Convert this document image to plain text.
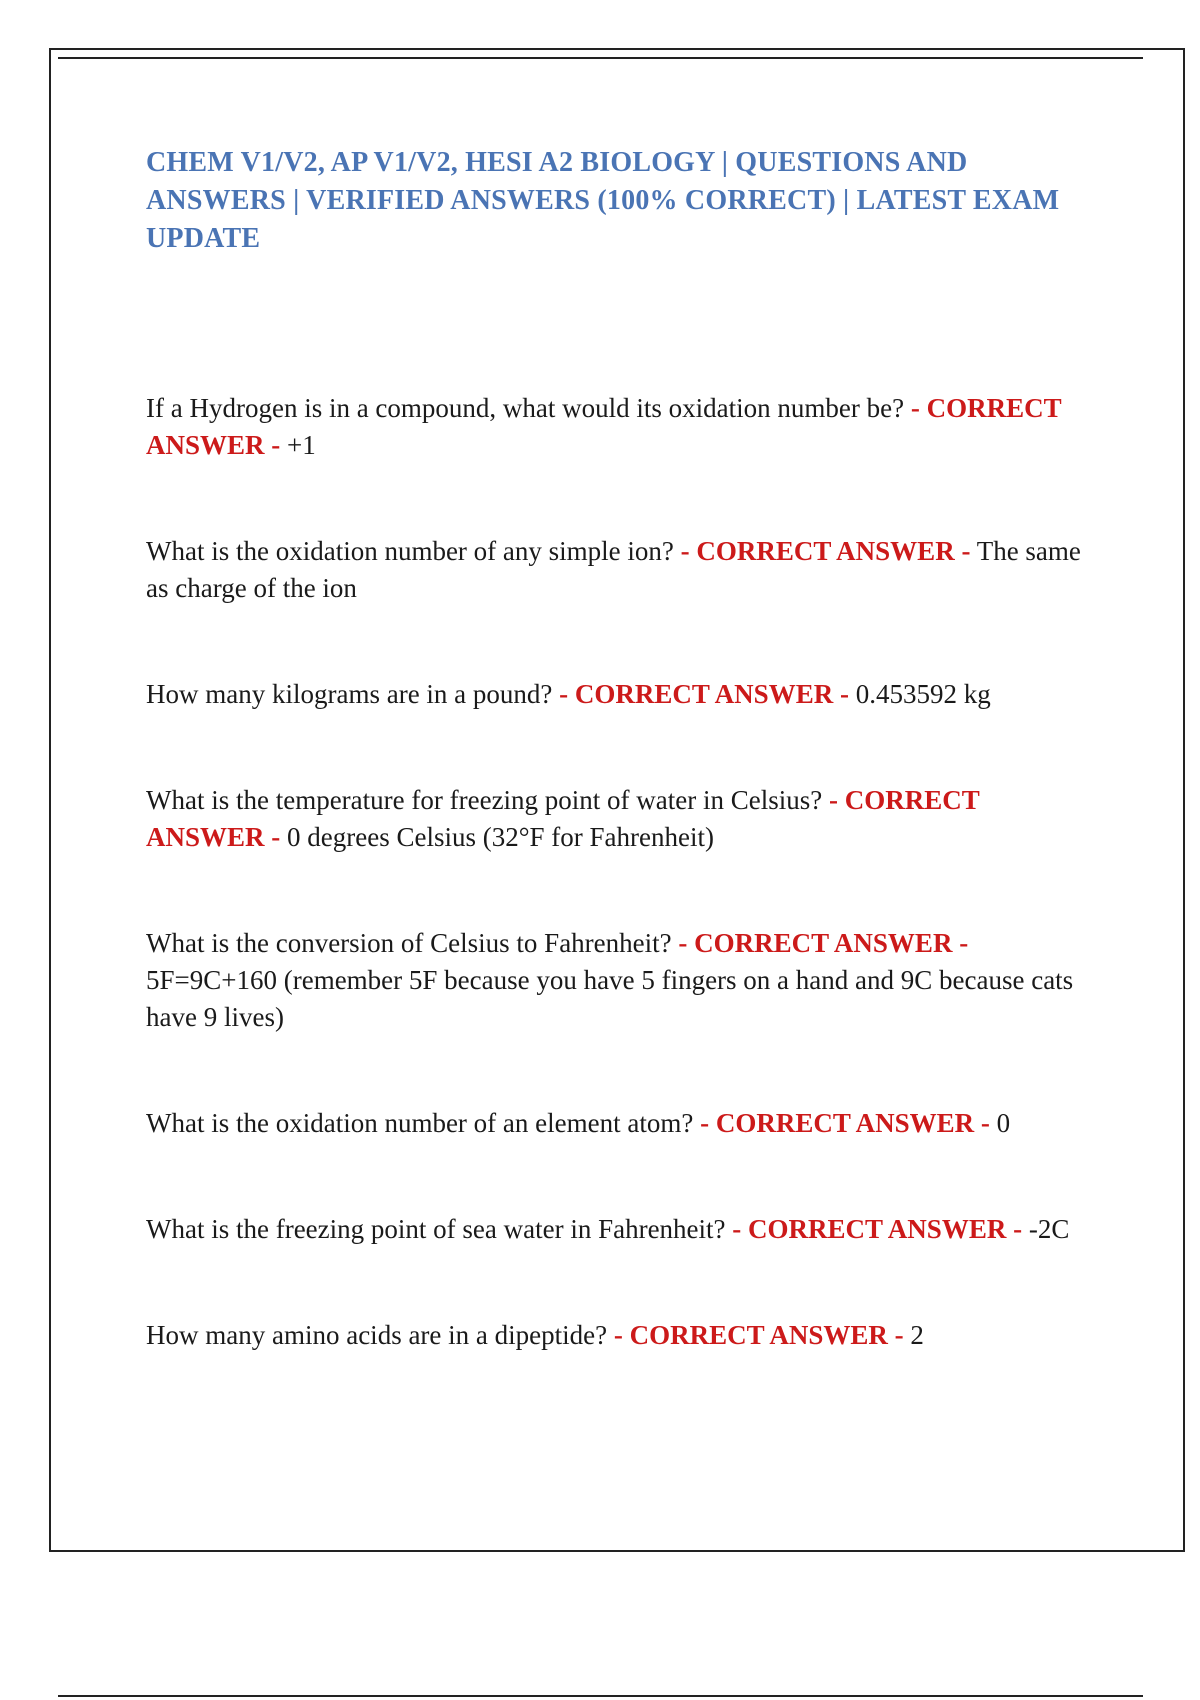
CHEM V1/V2, AP V1/V2, HESI A2 BIOLOGY | QUESTIONS AND ANSWERS | VERIFIED ANSWERS (100% CORRECT) | LATEST EXAM UPDATE

If a Hydrogen is in a compound, what would its oxidation number be? - CORRECT ANSWER - +1

What is the oxidation number of any simple ion? - CORRECT ANSWER - The same as charge of the ion

How many kilograms are in a pound? - CORRECT ANSWER - 0.453592 kg

What is the temperature for freezing point of water in Celsius? - CORRECT ANSWER - 0 degrees Celsius (32°F for Fahrenheit)

What is the conversion of Celsius to Fahrenheit? - CORRECT ANSWER - 5F=9C+160 (remember 5F because you have 5 fingers on a hand and 9C because cats have 9 lives)

What is the oxidation number of an element atom? - CORRECT ANSWER - 0

What is the freezing point of sea water in Fahrenheit? - CORRECT ANSWER - -2C

How many amino acids are in a dipeptide? - CORRECT ANSWER - 2
